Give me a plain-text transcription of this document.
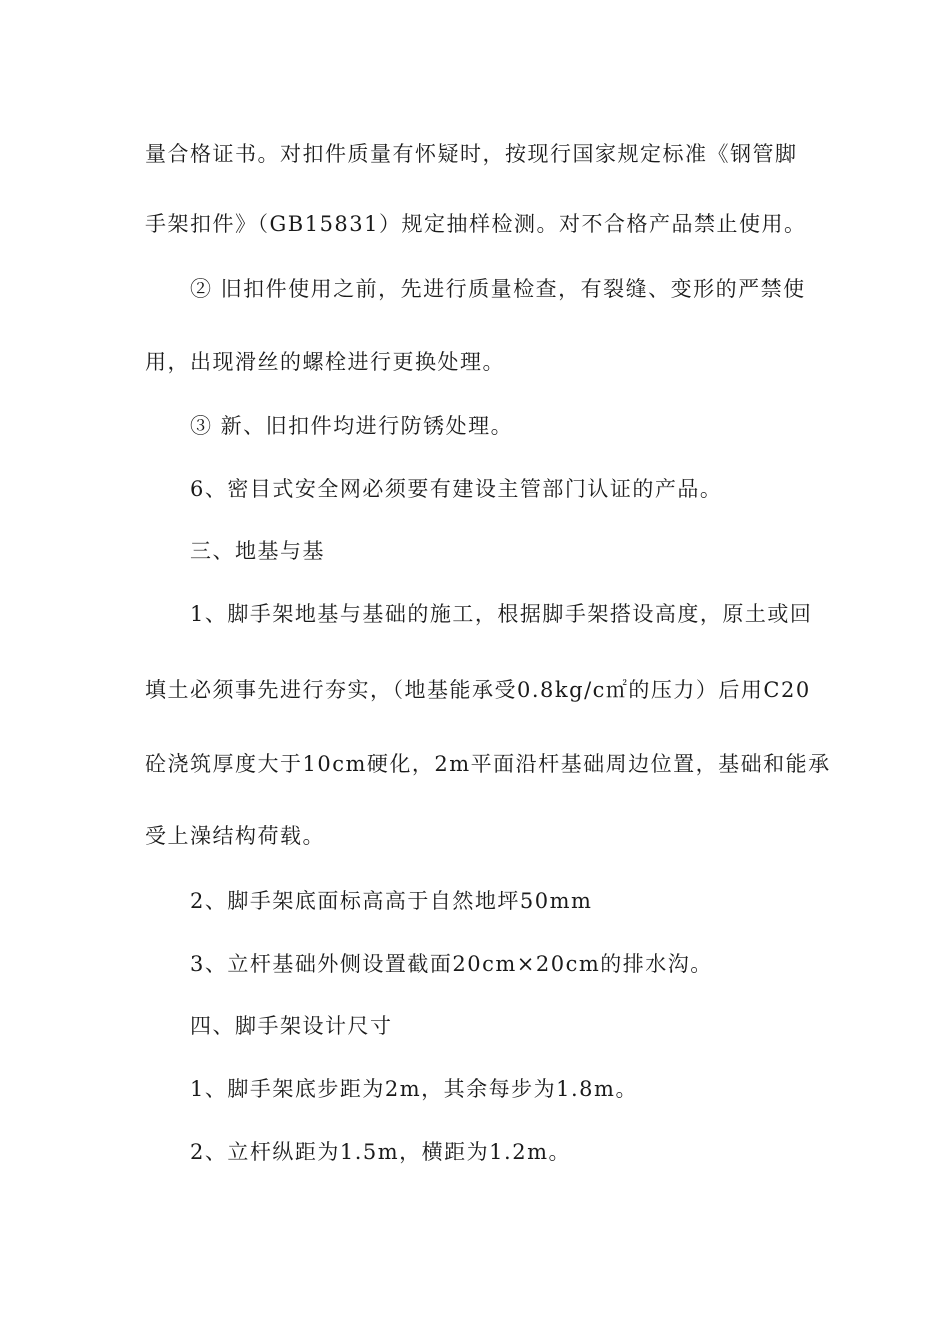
量合格证书。对扣件质量有怀疑时，按现行国家规定标准《钢管脚
手架扣件》（GB15831）规定抽样检测。对不合格产品禁止使用。
② 旧扣件使用之前，先进行质量检查，有裂缝、变形的严禁使
用，出现滑丝的螺栓进行更换处理。
③ 新、旧扣件均进行防锈处理。
6、密目式安全网必须要有建设主管部门认证的产品。
三、地基与基
1、脚手架地基与基础的施工，根据脚手架搭设高度，原土或回
填土必须事先进行夯实，（地基能承受0.8kg/c㎡的压力）后用C20
砼浇筑厚度大于10cm硬化，2m平面沿杆基础周边位置，基础和能承
受上澡结构荷载。
2、脚手架底面标高高于自然地坪50mm
3、立杆基础外侧设置截面20cm×20cm的排水沟。
四、脚手架设计尺寸
1、脚手架底步距为2m，其余每步为1.8m。
2、立杆纵距为1.5m，横距为1.2m。
